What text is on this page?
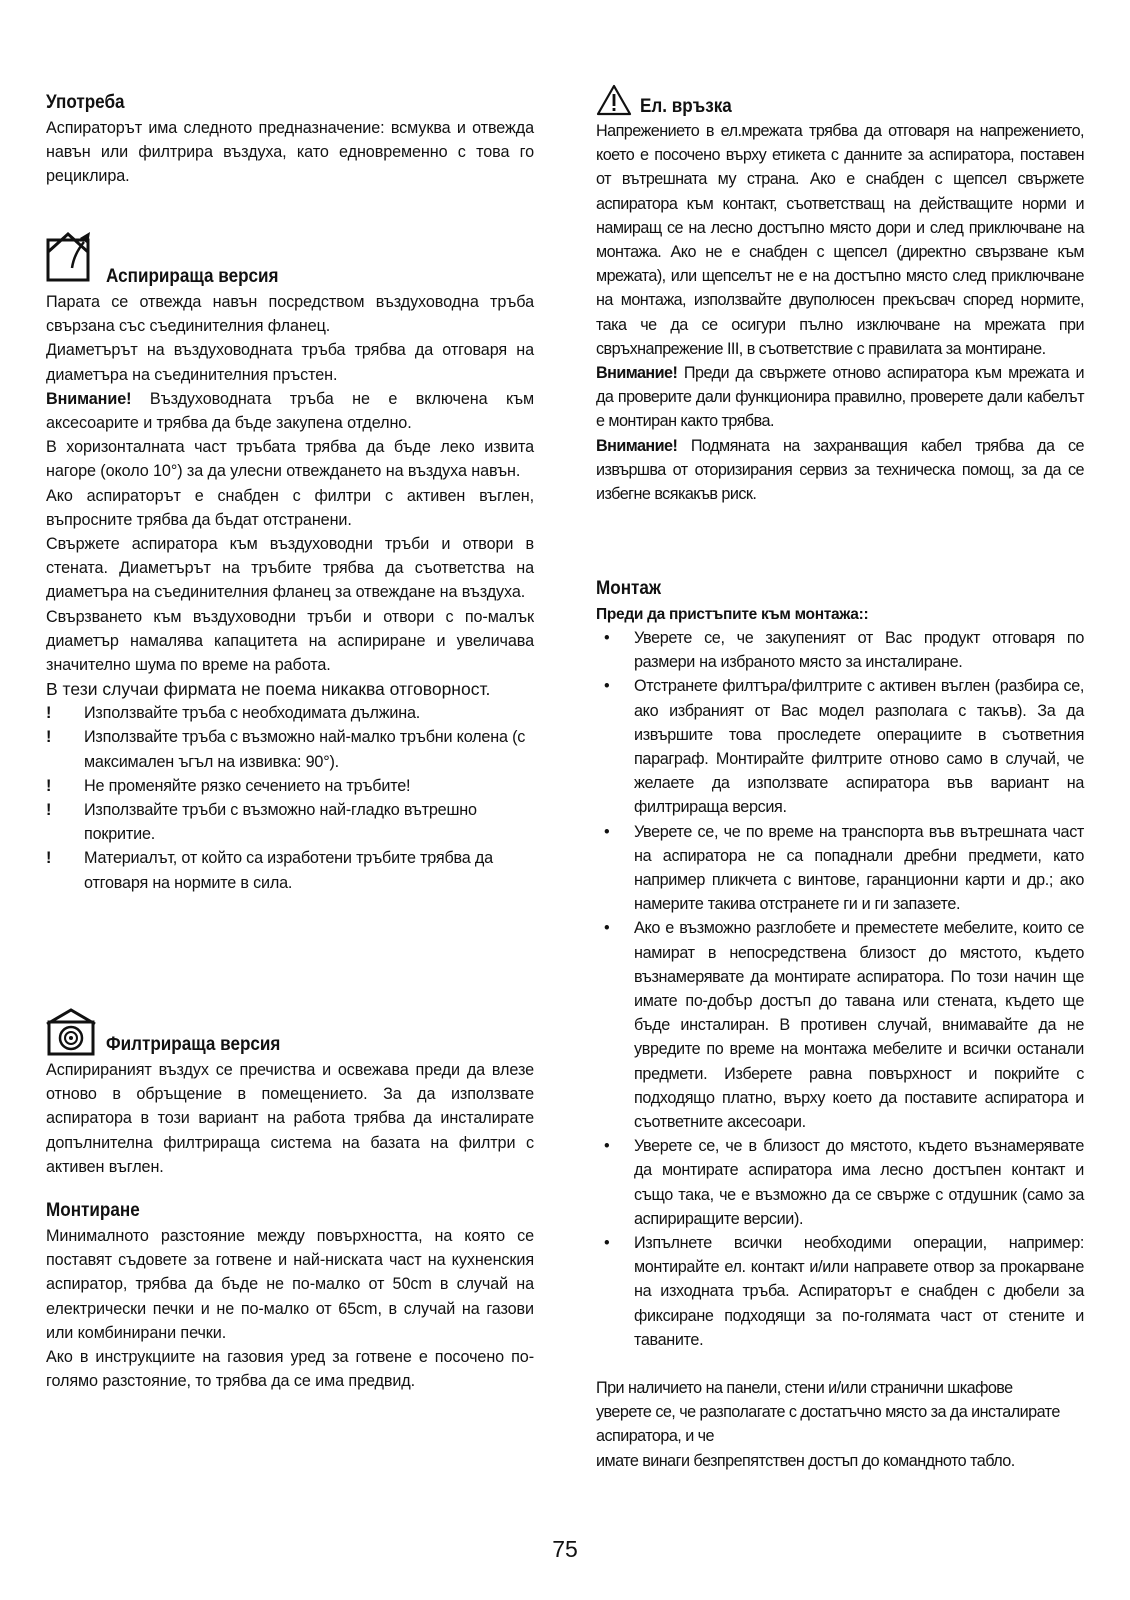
Употреба

Аспираторът има следното предназначение: всмуква и отвежда навън или филтрира въздуха, като едновременно с това го рециклира.

Аспирираща версия

Парата се отвежда навън посредством въздуховодна тръба свързана със съединителния фланец.

Диаметърът на въздуховодната тръба трябва да отговаря на диаметъра на съединителния пръстен.

Внимание! Въздуховодната тръба не е включена към аксесоарите и трябва да бъде закупена отделно.

В хоризонталната част тръбата трябва да бъде леко извита нагоре (около 10°) за да улесни отвеждането на въздуха навън.

Ако аспираторът е снабден с филтри с активен въглен, въпросните трябва да бъдат отстранени.

Свържете аспиратора към въздуховодни тръби и отвори в стената. Диаметърът на тръбите трябва да съответства на диаметъра на съединителния фланец за отвеждане на въздуха.

Свързването към въздуховодни тръби и отвори с по-малък диаметър намалява капацитета на аспириране и увеличава значително шума по време на работа.

В тези случаи фирмата не поема никаква отговорност.

! Използвайте тръба с необходимата дължина.
! Използвайте тръба с възможно най-малко тръбни колена (с максимален ъгъл на извивка: 90°).
! Не променяйте рязко сечението на тръбите!
! Използвайте тръби с възможно най-гладко вътрешно покритие.
! Материалът, от който са изработени тръбите трябва да отговаря на нормите в сила.
Филтрираща версия

Аспирираният въздух се пречиства и освежава преди да влезе отново в обръщение в помещението. За да използвате аспиратора в този вариант на работа трябва да инсталирате допълнителна филтрираща система на базата на филтри с активен въглен.

Монтиране

Минималното разстояние между повърхността, на която се поставят съдовете за готвене и най-ниската част на кухненския аспиратор, трябва да бъде не по-малко от 50cm в случай на електрически печки и не по-малко от 65cm, в случай на газови или комбинирани печки.

Ако в инструкциите на газовия уред за готвене е посочено по-голямо разстояние, то трябва да се има предвид.

Ел. връзка

Напрежението в ел.мрежата трябва да отговаря на напрежението, което е посочено върху етикета с данните за аспиратора, поставен от вътрешната му страна. Ако е снабден с щепсел свържете аспиратора към контакт, съответстващ на действащите норми и намиращ се на лесно достъпно място дори и след приключване на монтажа. Ако не е снабден с щепсел (директно свързване към мрежата), или щепселът не е на достъпно място след приключване на монтажа, използвайте двуполюсен прекъсвач според нормите, така че да се осигури пълно изключване на мрежата при свръхнапрежение III, в съответствие с правилата за монтиране.

Внимание! Преди да свържете отново аспиратора към мрежата и да проверите дали функционира правилно, проверете дали кабелът е монтиран както трябва.

Внимание! Подмяната на захранващия кабел трябва да се извършва от оторизирания сервиз за техническа помощ, за да се избегне всякакъв риск.

Монтаж
Преди да пристъпите към монтажа::
• Уверете се, че закупеният от Вас продукт отговаря по размери на избраното място за инсталиране.
• Отстранете филтъра/филтрите с активен въглен (разбира се, ако избраният от Вас модел разполага с такъв). За да извършите това проследете операциите в съответния параграф. Монтирайте филтрите отново само в случай, че желаете да използвате аспиратора във вариант на филтрираща версия.
• Уверете се, че по време на транспорта във вътрешната част на аспиратора не са попаднали дребни предмети, като например пликчета с винтове, гаранционни карти и др.; ако намерите такива отстранете ги и ги запазете.
• Ако е възможно разглобете и преместете мебелите, които се намират в непосредствена близост до мястото, където възнамерявате да монтирате аспиратора. По този начин ще имате по-добър достъп до тавана или стената, където ще бъде инсталиран. В противен случай, внимавайте да не увредите по време на монтажа мебелите и всички останали предмети. Изберете равна повърхност и покрийте с подходящо платно, върху което да поставите аспиратора и съответните аксесоари.
• Уверете се, че в близост до мястото, където възнамерявате да монтирате аспиратора има лесно достъпен контакт и също така, че е възможно да се свърже с отдушник (само за аспириращите версии).
• Изпълнете всички необходими операции, например: монтирайте ел. контакт и/или направете отвор за прокарване на изходната тръба. Аспираторът е снабден с дюбели за фиксиране подходящи за по-голямата част от стените и таваните.

При наличието на панели, стени и/или странични шкафове уверете се, че разполагате с достатъчно място за да инсталирате аспиратора, и че

имате винаги безпрепятствен достъп до командното табло.

75
